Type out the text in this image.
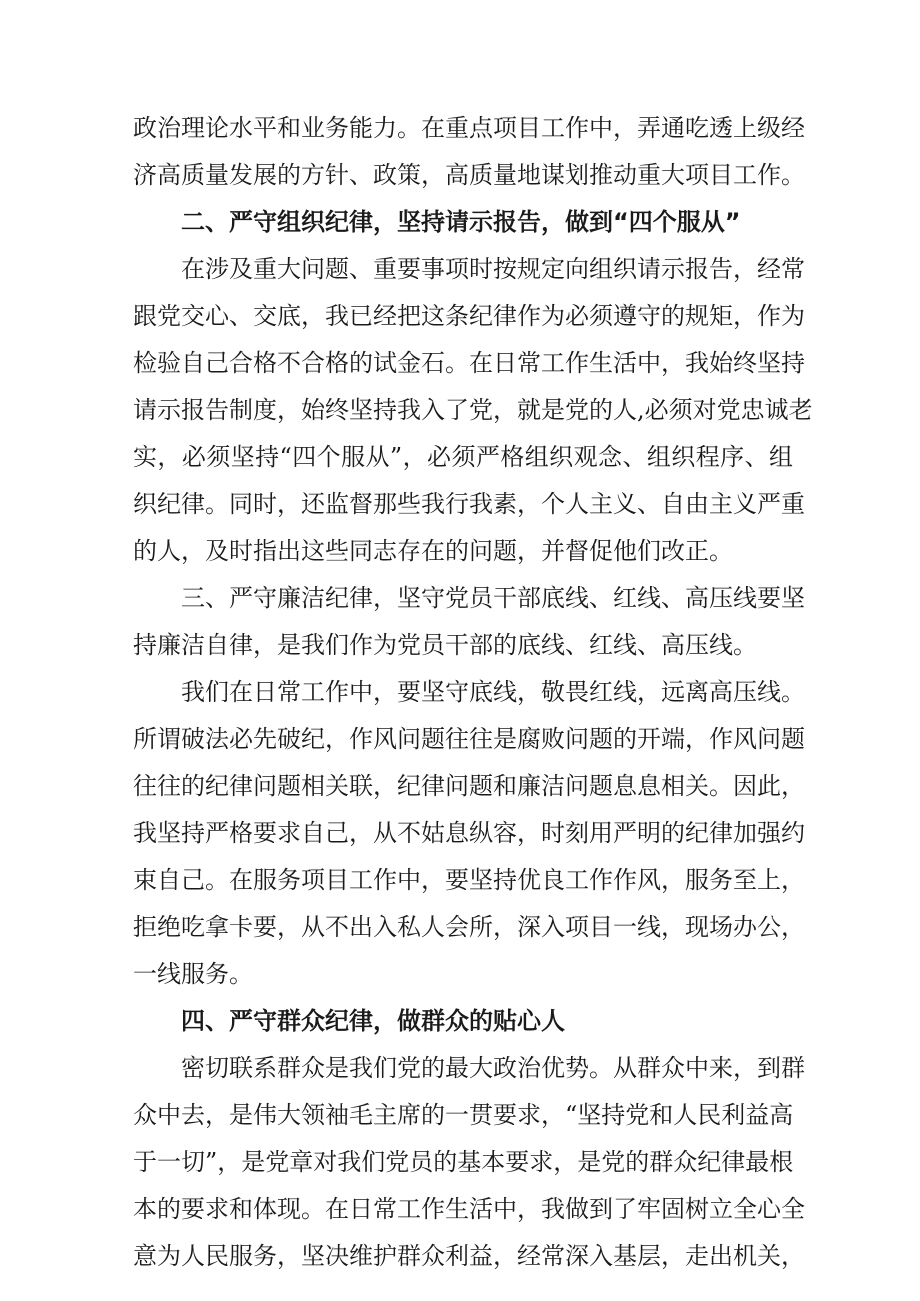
政治理论水平和业务能力。在重点项目工作中，弄通吃透上级经
济高质量发展的方针、政策，高质量地谋划推动重大项目工作。
二、严守组织纪律，坚持请示报告，做到“四个服从”
在涉及重大问题、重要事项时按规定向组织请示报告，经常
跟党交心、交底，我已经把这条纪律作为必须遵守的规矩，作为
检验自己合格不合格的试金石。在日常工作生活中，我始终坚持
请示报告制度，始终坚持我入了党，就是党的人,必须对党忠诚老
实，必须坚持“四个服从”，必须严格组织观念、组织程序、组
织纪律。同时，还监督那些我行我素，个人主义、自由主义严重
的人，及时指出这些同志存在的问题，并督促他们改正。
三、严守廉洁纪律，坚守党员干部底线、红线、高压线要坚
持廉洁自律，是我们作为党员干部的底线、红线、高压线。
我们在日常工作中，要坚守底线，敬畏红线，远离高压线。
所谓破法必先破纪，作风问题往往是腐败问题的开端，作风问题
往往的纪律问题相关联，纪律问题和廉洁问题息息相关。因此，
我坚持严格要求自己，从不姑息纵容，时刻用严明的纪律加强约
束自己。在服务项目工作中，要坚持优良工作作风，服务至上，
拒绝吃拿卡要，从不出入私人会所，深入项目一线，现场办公，
一线服务。
四、严守群众纪律，做群众的贴心人
密切联系群众是我们党的最大政治优势。从群众中来，到群
众中去，是伟大领袖毛主席的一贯要求，“坚持党和人民利益高
于一切”，是党章对我们党员的基本要求，是党的群众纪律最根
本的要求和体现。在日常工作生活中，我做到了牢固树立全心全
意为人民服务，坚决维护群众利益，经常深入基层，走出机关，
